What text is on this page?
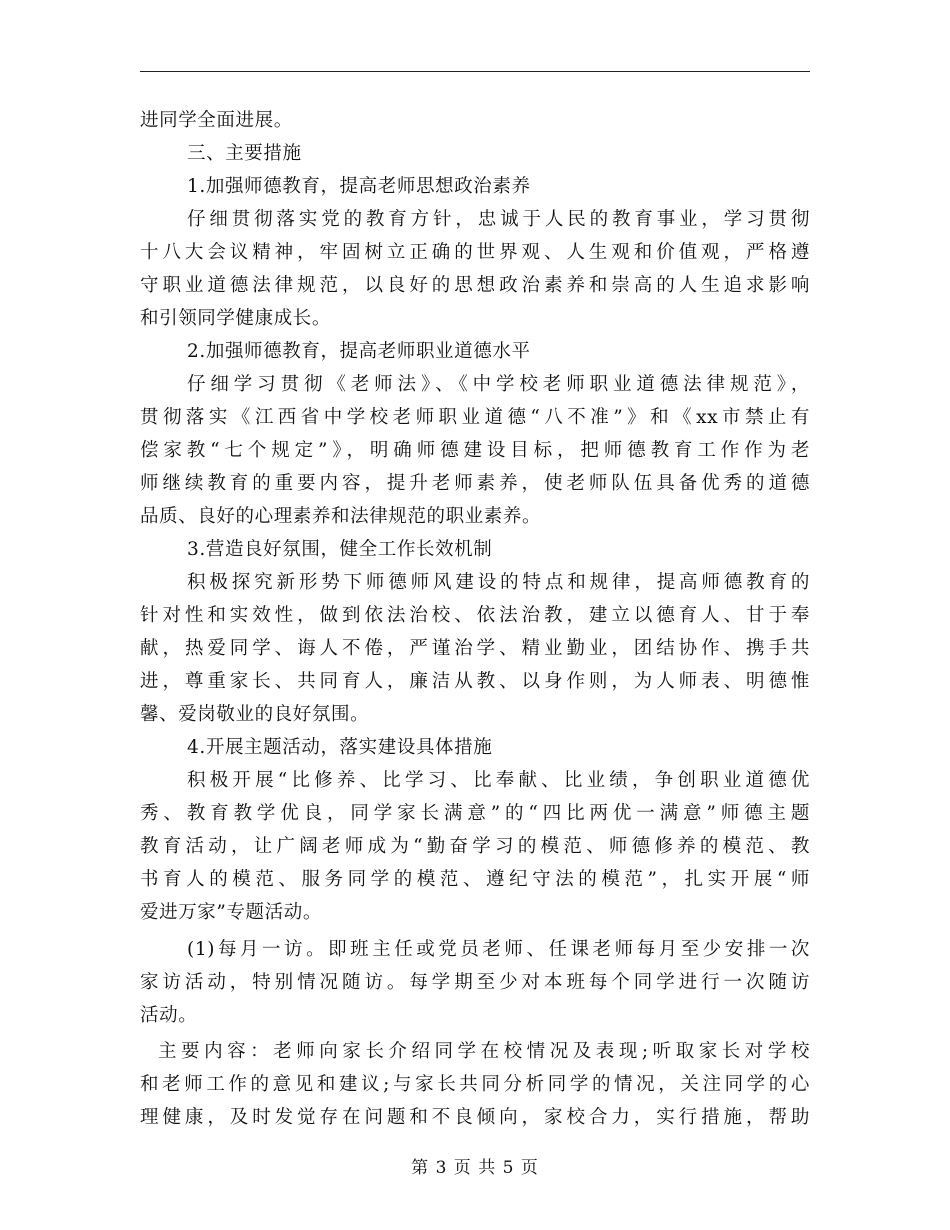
进同学全面进展。
三、主要措施
1.加强师德教育，提高老师思想政治素养
仔细贯彻落实党的教育方针，忠诚于人民的教育事业，学习贯彻
十八大会议精神，牢固树立正确的世界观、人生观和价值观，严格遵
守职业道德法律规范，以良好的思想政治素养和崇高的人生追求影响
和引领同学健康成长。
2.加强师德教育，提高老师职业道德水平
仔细学习贯彻《老师法》、《中学校老师职业道德法律规范》，
贯彻落实《江西省中学校老师职业道德“八不准”》和《xx市禁止有
偿家教“七个规定”》，明确师德建设目标，把师德教育工作作为老
师继续教育的重要内容，提升老师素养，使老师队伍具备优秀的道德
品质、良好的心理素养和法律规范的职业素养。
3.营造良好氛围，健全工作长效机制
积极探究新形势下师德师风建设的特点和规律，提高师德教育的
针对性和实效性，做到依法治校、依法治教，建立以德育人、甘于奉
献，热爱同学、诲人不倦，严谨治学、精业勤业，团结协作、携手共
进，尊重家长、共同育人，廉洁从教、以身作则，为人师表、明德惟
馨、爱岗敬业的良好氛围。
4.开展主题活动，落实建设具体措施
积极开展“比修养、比学习、比奉献、比业绩，争创职业道德优
秀、教育教学优良，同学家长满意”的“四比两优一满意”师德主题
教育活动，让广阔老师成为“勤奋学习的模范、师德修养的模范、教
书育人的模范、服务同学的模范、遵纪守法的模范”，扎实开展“师
爱进万家”专题活动。
(1)每月一访。即班主任或党员老师、任课老师每月至少安排一次
家访活动，特别情况随访。每学期至少对本班每个同学进行一次随访
活动。
主要内容：老师向家长介绍同学在校情况及表现;听取家长对学校
和老师工作的意见和建议;与家长共同分析同学的情况，关注同学的心
理健康，及时发觉存在问题和不良倾向，家校合力，实行措施，帮助
第 3 页 共 5 页
